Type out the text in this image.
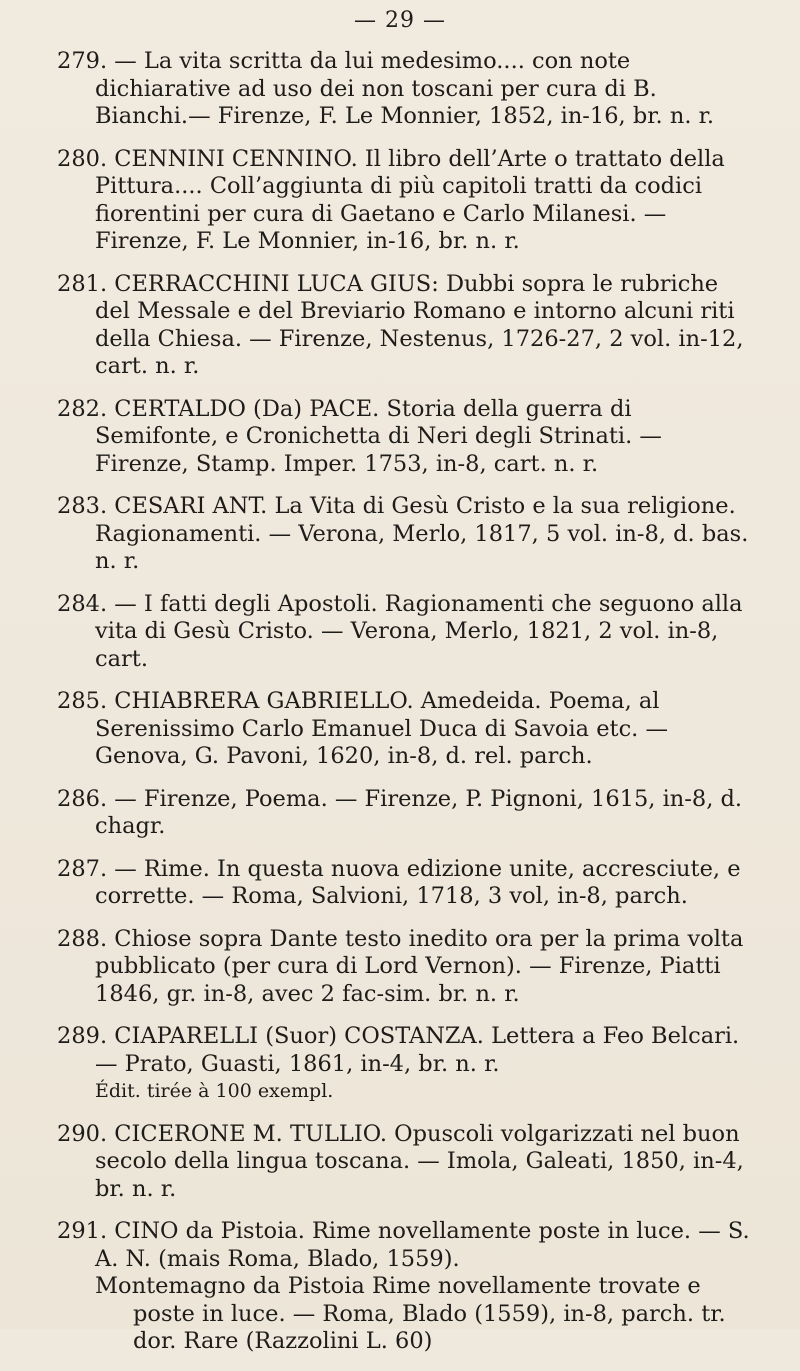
— 29 —

279. — La vita scritta da lui medesimo.... con note dichiarative ad uso dei non toscani per cura di B. Bianchi.— Firenze, F. Le Monnier, 1852, in-16, br. n. r.

280. CENNINI CENNINO. Il libro dell’Arte o trattato della Pittura.... Coll’aggiunta di più capitoli tratti da codici fiorentini per cura di Gaetano e Carlo Milanesi. — Firenze, F. Le Monnier, in-16, br. n. r.

281. CERRACCHINI LUCA GIUS: Dubbi sopra le rubriche del Messale e del Breviario Romano e intorno alcuni riti della Chiesa. — Firenze, Nestenus, 1726-27, 2 vol. in-12, cart. n. r.

282. CERTALDO (Da) PACE. Storia della guerra di Semifonte, e Cronichetta di Neri degli Strinati. — Firenze, Stamp. Imper. 1753, in-8, cart. n. r.

283. CESARI ANT. La Vita di Gesù Cristo e la sua religione. Ragionamenti. — Verona, Merlo, 1817, 5 vol. in-8, d. bas. n. r.

284. — I fatti degli Apostoli. Ragionamenti che seguono alla vita di Gesù Cristo. — Verona, Merlo, 1821, 2 vol. in-8, cart.

285. CHIABRERA GABRIELLO. Amedeida. Poema, al Serenissimo Carlo Emanuel Duca di Savoia etc. — Genova, G. Pavoni, 1620, in-8, d. rel. parch.

286. — Firenze, Poema. — Firenze, P. Pignoni, 1615, in-8, d. chagr.

287. — Rime. In questa nuova edizione unite, accresciute, e corrette. — Roma, Salvioni, 1718, 3 vol, in-8, parch.

288. Chiose sopra Dante testo inedito ora per la prima volta pubblicato (per cura di Lord Vernon). — Firenze, Piatti 1846, gr. in-8, avec 2 fac-sim. br. n. r.

289. CIAPARELLI (Suor) COSTANZA. Lettera a Feo Belcari. — Prato, Guasti, 1861, in-4, br. n. r.
Édit. tirée à 100 exempl.

290. CICERONE M. TULLIO. Opuscoli volgarizzati nel buon secolo della lingua toscana. — Imola, Galeati, 1850, in-4, br. n. r.

291. CINO da Pistoia. Rime novellamente poste in luce. — S. A. N. (mais Roma, Blado, 1559).
Montemagno da Pistoia Rime novellamente trovate e poste in luce. — Roma, Blado (1559), in-8, parch. tr. dor. Rare (Razzolini L. 60)
